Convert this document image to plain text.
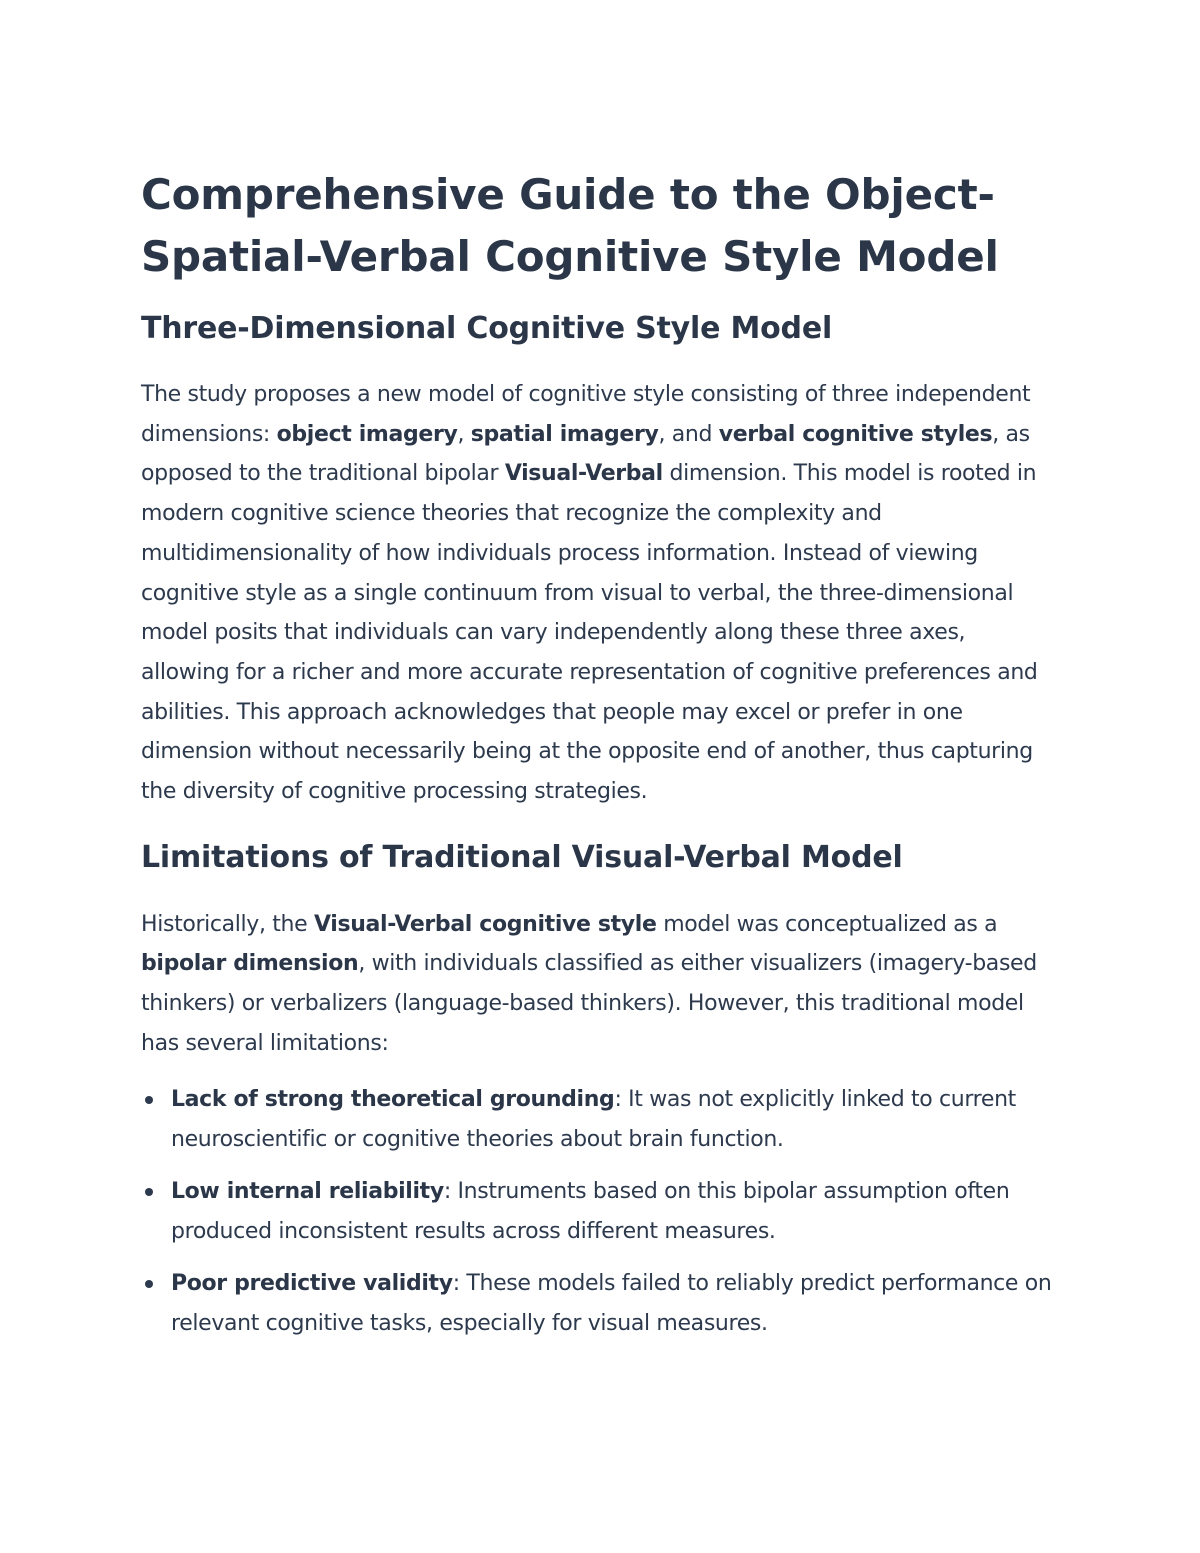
Comprehensive Guide to the Object-Spatial-Verbal Cognitive Style Model
Three-Dimensional Cognitive Style Model

The study proposes a new model of cognitive style consisting of three independent dimensions: object imagery, spatial imagery, and verbal cognitive styles, as opposed to the traditional bipolar Visual-Verbal dimension. This model is rooted in modern cognitive science theories that recognize the complexity and multidimensionality of how individuals process information. Instead of viewing cognitive style as a single continuum from visual to verbal, the three-dimensional model posits that individuals can vary independently along these three axes, allowing for a richer and more accurate representation of cognitive preferences and abilities. This approach acknowledges that people may excel or prefer in one dimension without necessarily being at the opposite end of another, thus capturing the diversity of cognitive processing strategies.

Limitations of Traditional Visual-Verbal Model

Historically, the Visual-Verbal cognitive style model was conceptualized as a bipolar dimension, with individuals classified as either visualizers (imagery-based thinkers) or verbalizers (language-based thinkers). However, this traditional model has several limitations:

Lack of strong theoretical grounding: It was not explicitly linked to current neuroscientific or cognitive theories about brain function.
Low internal reliability: Instruments based on this bipolar assumption often produced inconsistent results across different measures.
Poor predictive validity: These models failed to reliably predict performance on relevant cognitive tasks, especially for visual measures.
